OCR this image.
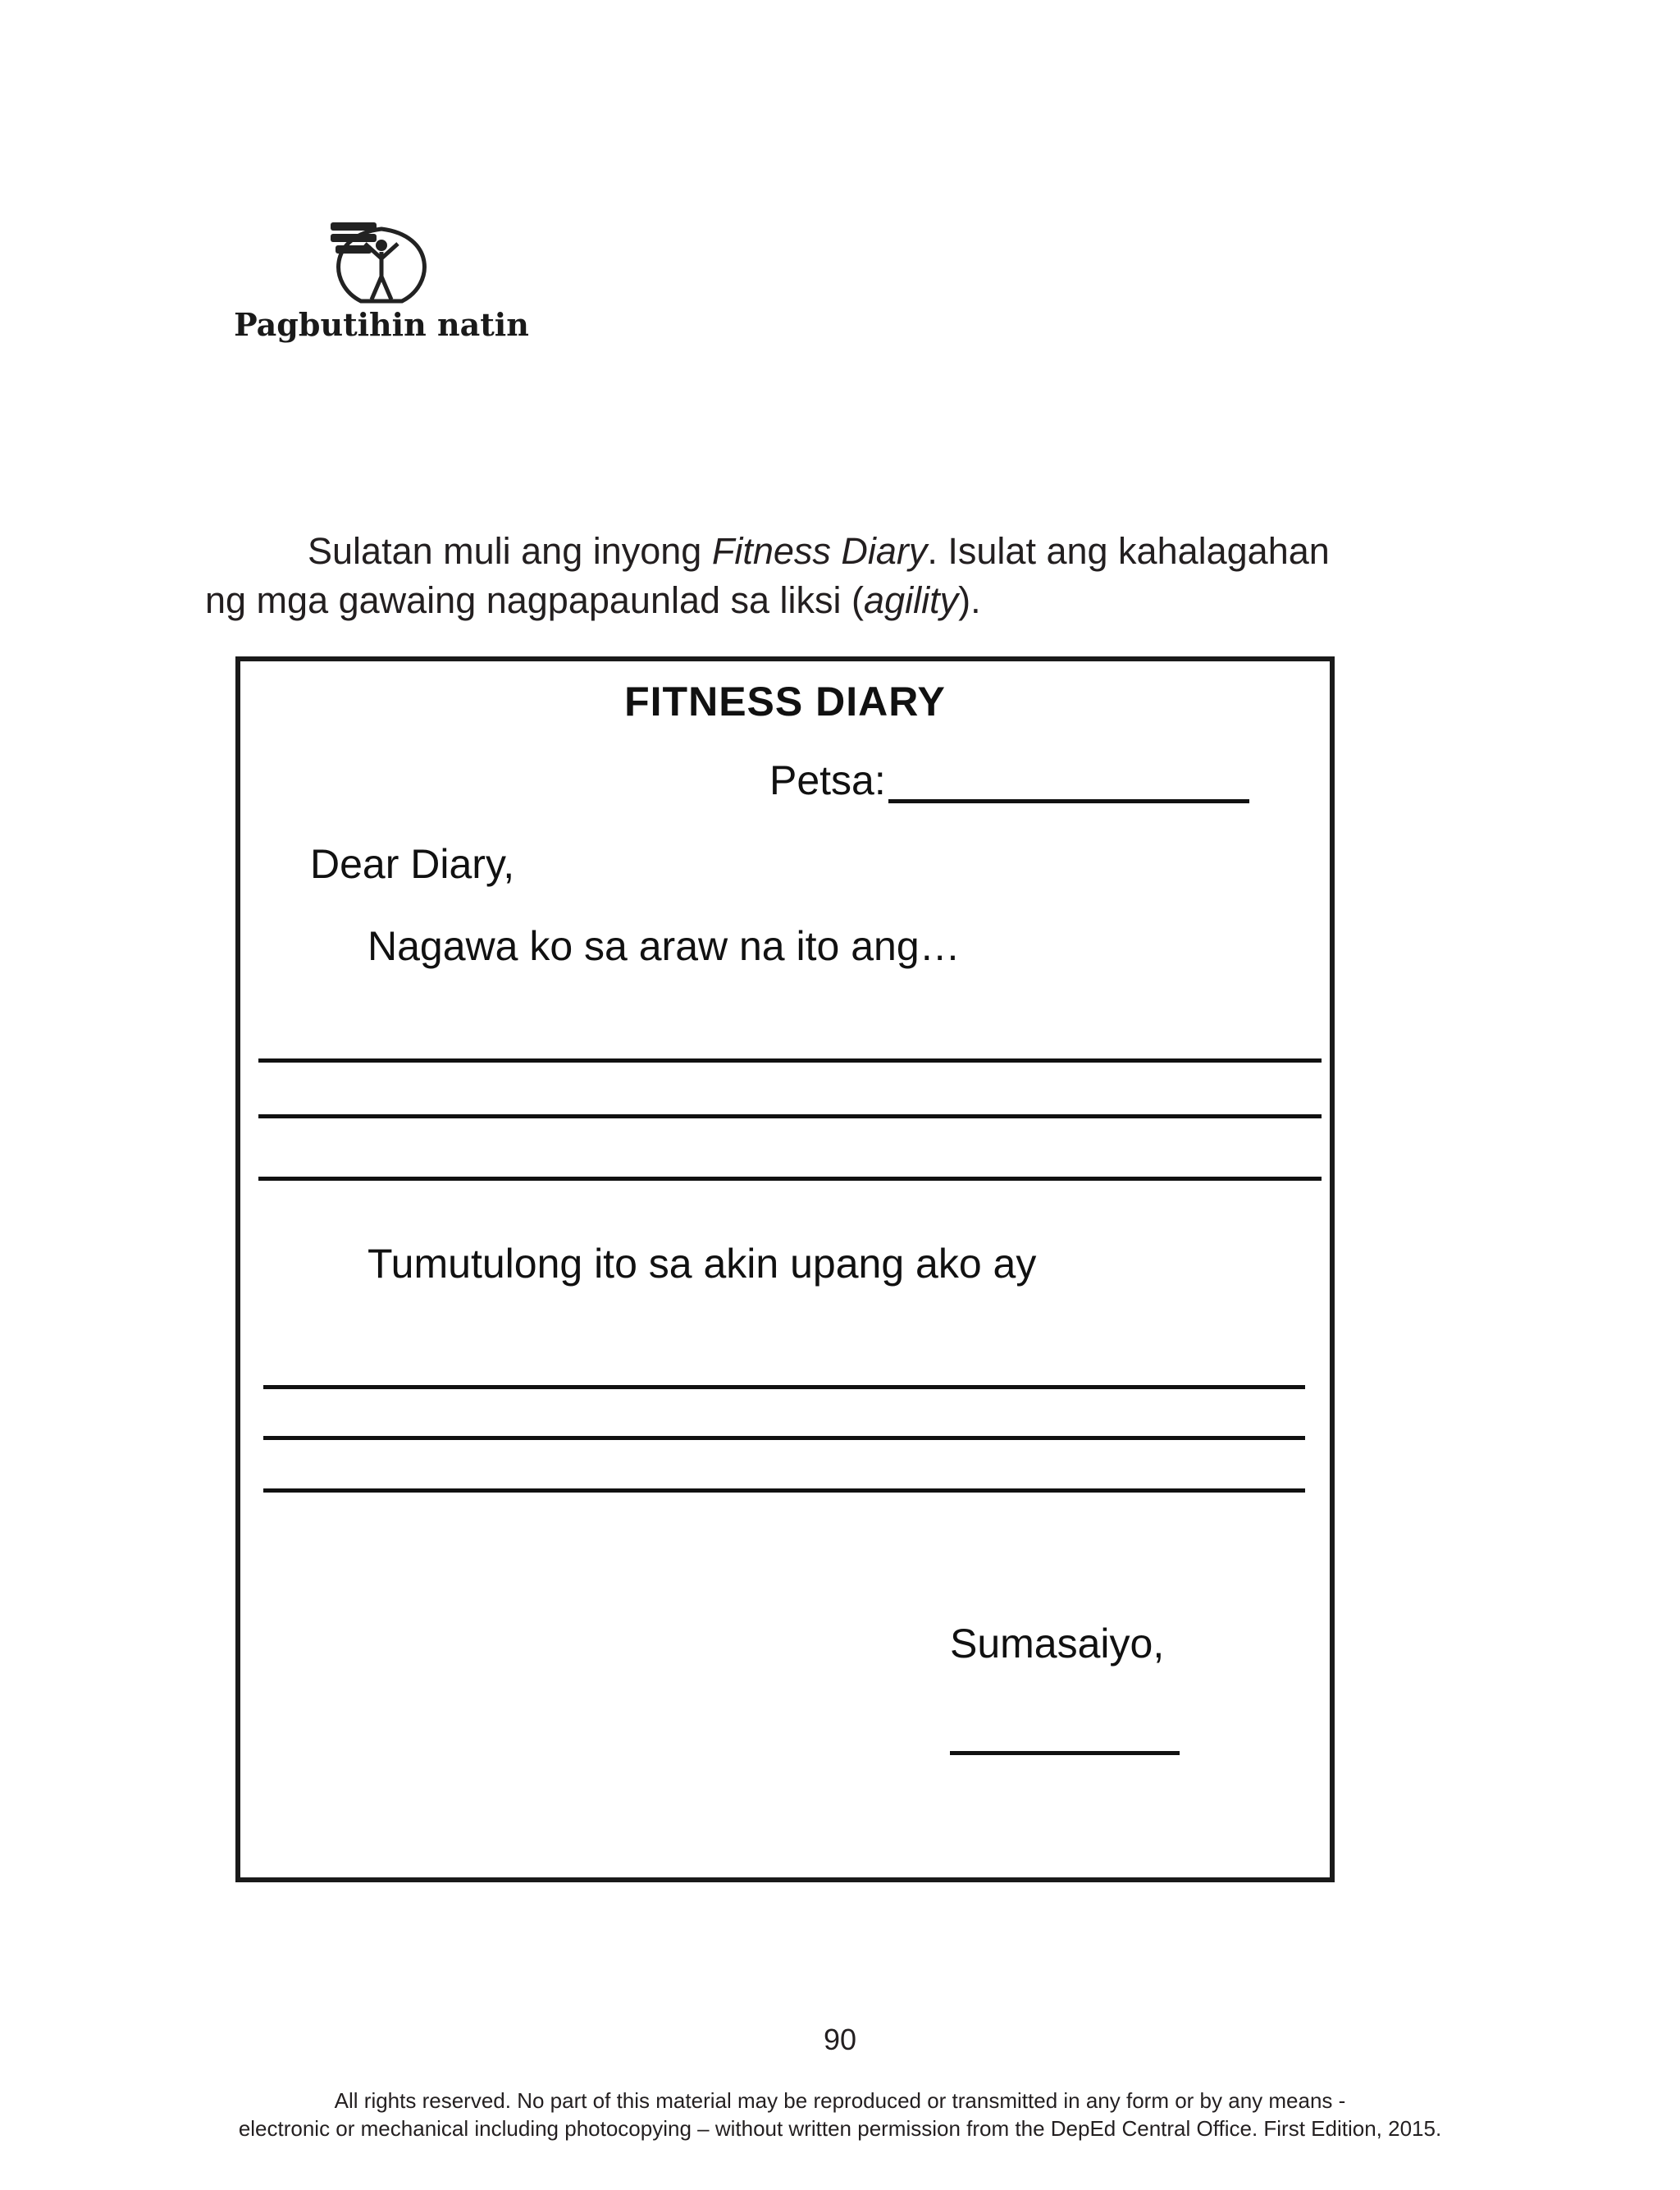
Pagbutihin natin
Sulatan muli ang inyong Fitness Diary. Isulat ang kahalagahan
ng mga gawaing nagpapaunlad sa liksi (agility).
FITNESS DIARY
Petsa:
Dear Diary,
Nagawa ko sa araw na ito ang…
Tumutulong ito sa akin upang ako ay
Sumasaiyo,
90
All rights reserved. No part of this material may be reproduced or transmitted in any form or by any means -
electronic or mechanical including photocopying – without written permission from the DepEd Central Office. First Edition, 2015.
